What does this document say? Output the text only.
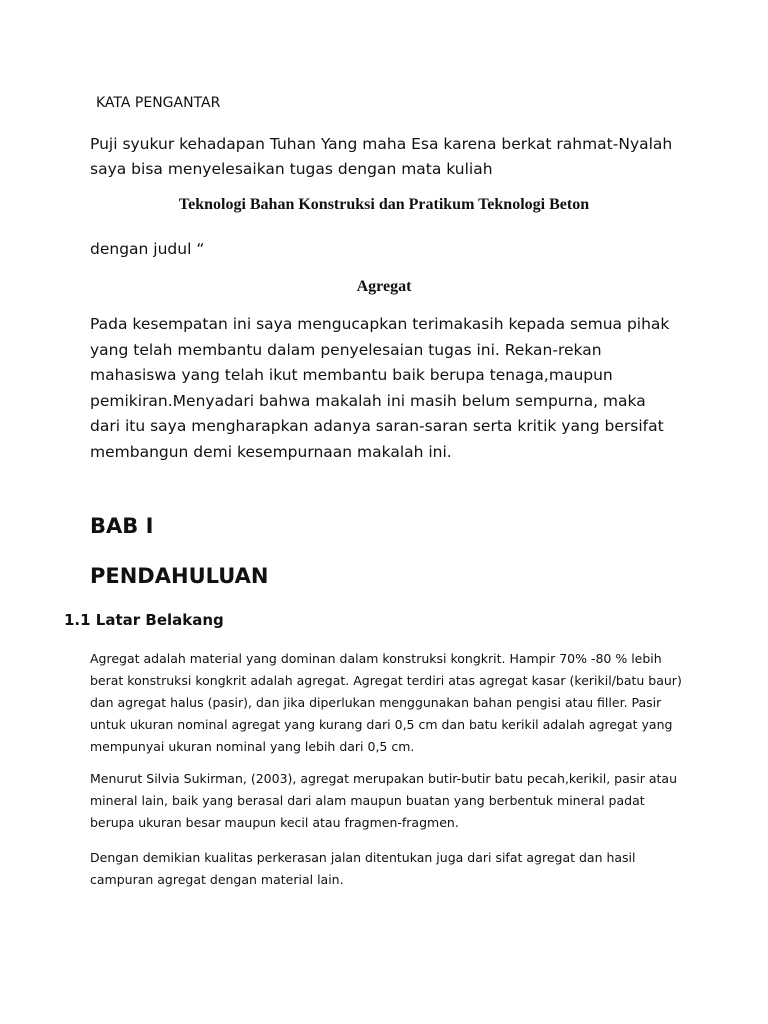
KATA PENGANTAR

Puji syukur kehadapan Tuhan Yang maha Esa karena berkat rahmat-Nyalah saya bisa menyelesaikan tugas dengan mata kuliah

Teknologi Bahan Konstruksi dan Pratikum Teknologi Beton

dengan judul “

Agregat

Pada kesempatan ini saya mengucapkan terimakasih kepada semua pihak yang telah membantu dalam penyelesaian tugas ini. Rekan-rekan mahasiswa yang telah ikut membantu baik berupa tenaga,maupun pemikiran.Menyadari bahwa makalah ini masih belum sempurna, maka dari itu saya mengharapkan adanya saran-saran serta kritik yang bersifat membangun demi kesempurnaan makalah ini.

BAB I
PENDAHULUAN
1.1 Latar Belakang

Agregat adalah material yang dominan dalam konstruksi kongkrit. Hampir 70% -80 % lebih berat konstruksi kongkrit adalah agregat. Agregat terdiri atas agregat kasar (kerikil/batu baur) dan agregat halus (pasir), dan jika diperlukan menggunakan bahan pengisi atau filler. Pasir untuk ukuran nominal agregat yang kurang dari 0,5 cm dan batu kerikil adalah agregat yang mempunyai ukuran nominal yang lebih dari 0,5 cm.

Menurut Silvia Sukirman, (2003), agregat merupakan butir-butir batu pecah,kerikil, pasir atau mineral lain, baik yang berasal dari alam maupun buatan yang berbentuk mineral padat berupa ukuran besar maupun kecil atau fragmen-fragmen.

Dengan demikian kualitas perkerasan jalan ditentukan juga dari sifat agregat dan hasil campuran agregat dengan material lain.
